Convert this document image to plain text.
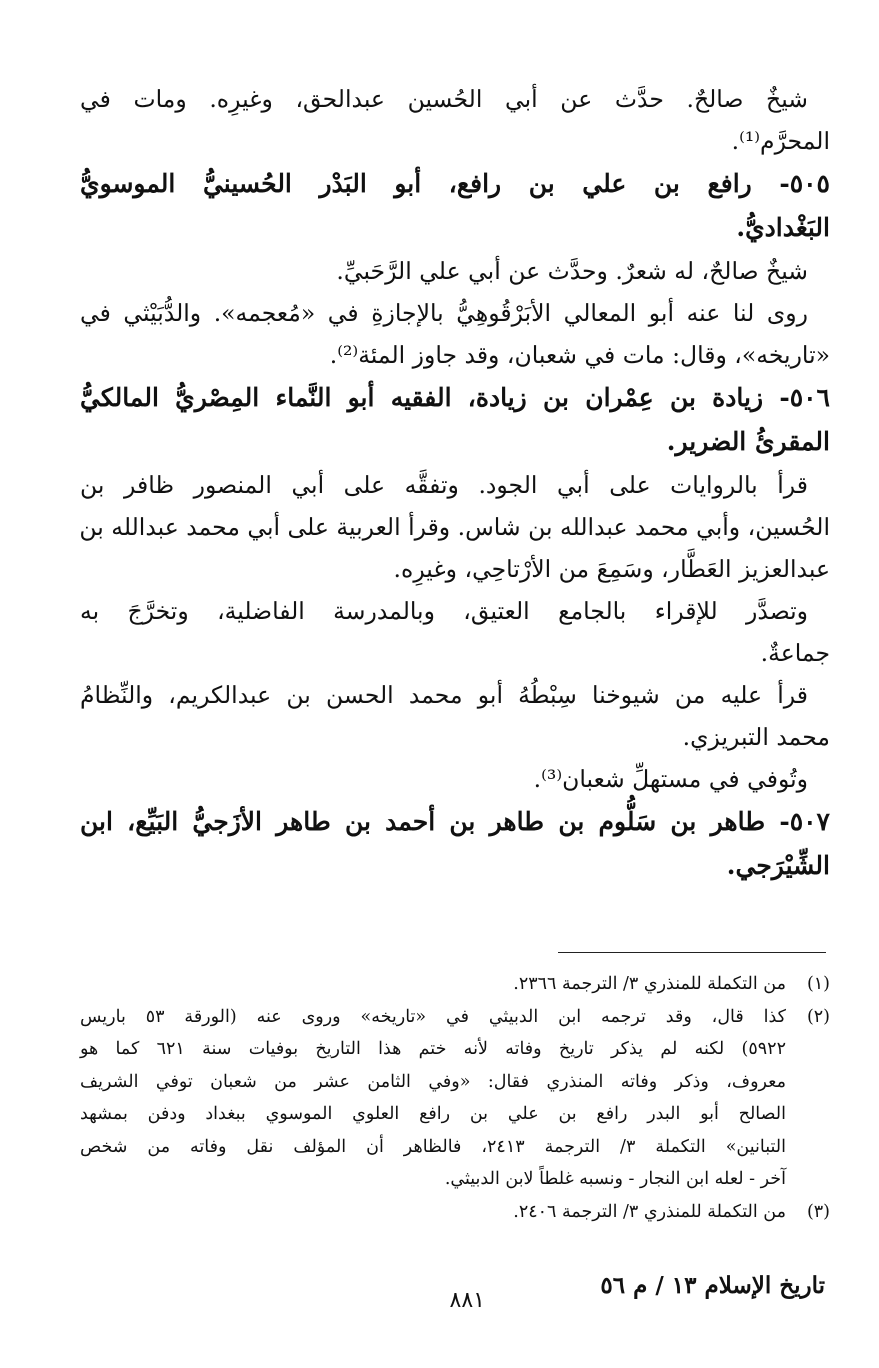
شيخٌ صالحٌ. حدَّث عن أبي الحُسين عبدالحق، وغيرِه. ومات في
المحرَّم⁽¹⁾.
٥٠٥- رافع بن علي بن رافع، أبو البَدْر الحُسينيُّ الموسويُّ
البَغْداديُّ.
شيخٌ صالحٌ، له شعرٌ. وحدَّث عن أبي علي الرَّحَبيِّ.
روى لنا عنه أبو المعالي الأبَرْقُوهِيُّ بالإجازةِ في «مُعجمه». والدُّبَيْثي في
«تاريخه»، وقال: مات في شعبان، وقد جاوز المئة⁽²⁾.
٥٠٦- زيادة بن عِمْران بن زيادة، الفقيه أبو النَّماء المِصْريُّ المالكيُّ
المقرئُ الضرير.
قرأ بالروايات على أبي الجود. وتفقَّه على أبي المنصور ظافر بن
الحُسين، وأبي محمد عبدالله بن شاس. وقرأ العربية على أبي محمد عبدالله بن
عبدالعزيز العَطَّار، وسَمِعَ من الأرْتاحِي، وغيرِه.
وتصدَّر للإقراء بالجامع العتيق، وبالمدرسة الفاضلية، وتخرَّجَ به
جماعةٌ.
قرأ عليه من شيوخنا سِبْطُهُ أبو محمد الحسن بن عبدالكريم، والنِّظامُ
محمد التبريزي.
وتُوفي في مستهلِّ شعبان⁽³⁾.
٥٠٧- طاهر بن سَلُّوم بن طاهر بن أحمد بن طاهر الأزَجيُّ البَيِّع، ابن
الشِّيْرَجي.
(١)من التكملة للمنذري ٣/ الترجمة ٢٣٦٦.
(٢)كذا قال، وقد ترجمه ابن الدبيثي في «تاريخه» وروى عنه (الورقة ٥٣ باريس
٥٩٢٢) لكنه لم يذكر تاريخ وفاته لأنه ختم هذا التاريخ بوفيات سنة ٦٢١ كما هو
معروف، وذكر وفاته المنذري فقال: «وفي الثامن عشر من شعبان توفي الشريف
الصالح أبو البدر رافع بن علي بن رافع العلوي الموسوي ببغداد ودفن بمشهد
التبانين» التكملة ٣/ الترجمة ٢٤١٣، فالظاهر أن المؤلف نقل وفاته من شخص
آخر - لعله ابن النجار - ونسبه غلطاً لابن الدبيثي.
(٣)من التكملة للمنذري ٣/ الترجمة ٢٤٠٦.
تاريخ الإسلام ١٣ / م ٥٦
٨٨١
